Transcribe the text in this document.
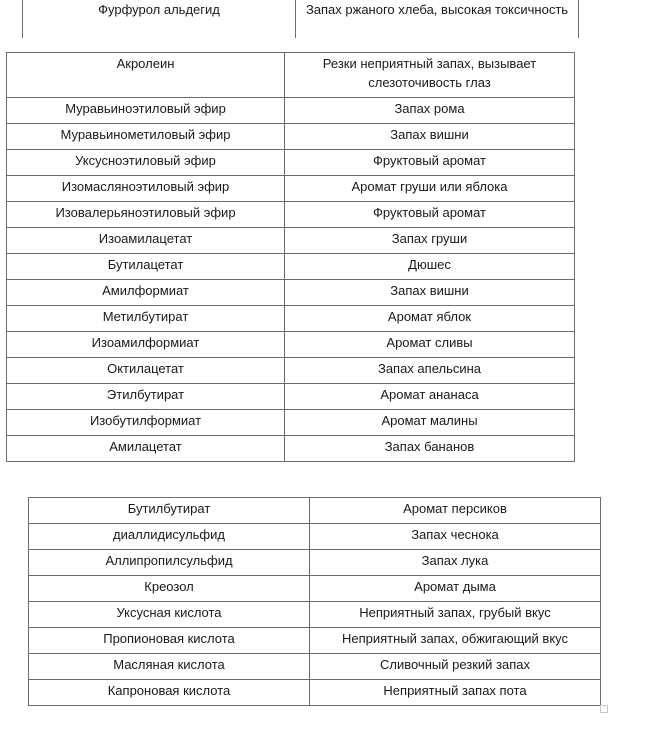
Фурфурол альдегид	Запах ржаного хлеба, высокая токсичность
Акролеин	Резки неприятный запах, вызывает слезоточивость глаз
Муравьиноэтиловый эфир	Запах рома
Муравьинометиловый эфир	Запах вишни
Уксусноэтиловый эфир	Фруктовый аромат
Изомасляноэтиловый эфир	Аромат груши или яблока
Изовалерьяноэтиловый эфир	Фруктовый аромат
Изоамилацетат	Запах груши
Бутилацетат	Дюшес
Амилформиат	Запах вишни
Метилбутират	Аромат яблок
Изоамилформиат	Аромат сливы
Октилацетат	Запах апельсина
Этилбутират	Аромат ананаса
Изобутилформиат	Аромат малины
Амилацетат	Запах бананов
Бутилбутират	Аромат персиков
диаллидисульфид	Запах чеснока
Аллипропилсульфид	Запах лука
Креозол	Аромат дыма
Уксусная кислота	Неприятный запах, грубый вкус
Пропионовая кислота	Неприятный запах, обжигающий вкус
Масляная кислота	Сливочный резкий запах
Капроновая кислота	Неприятный запах пота
